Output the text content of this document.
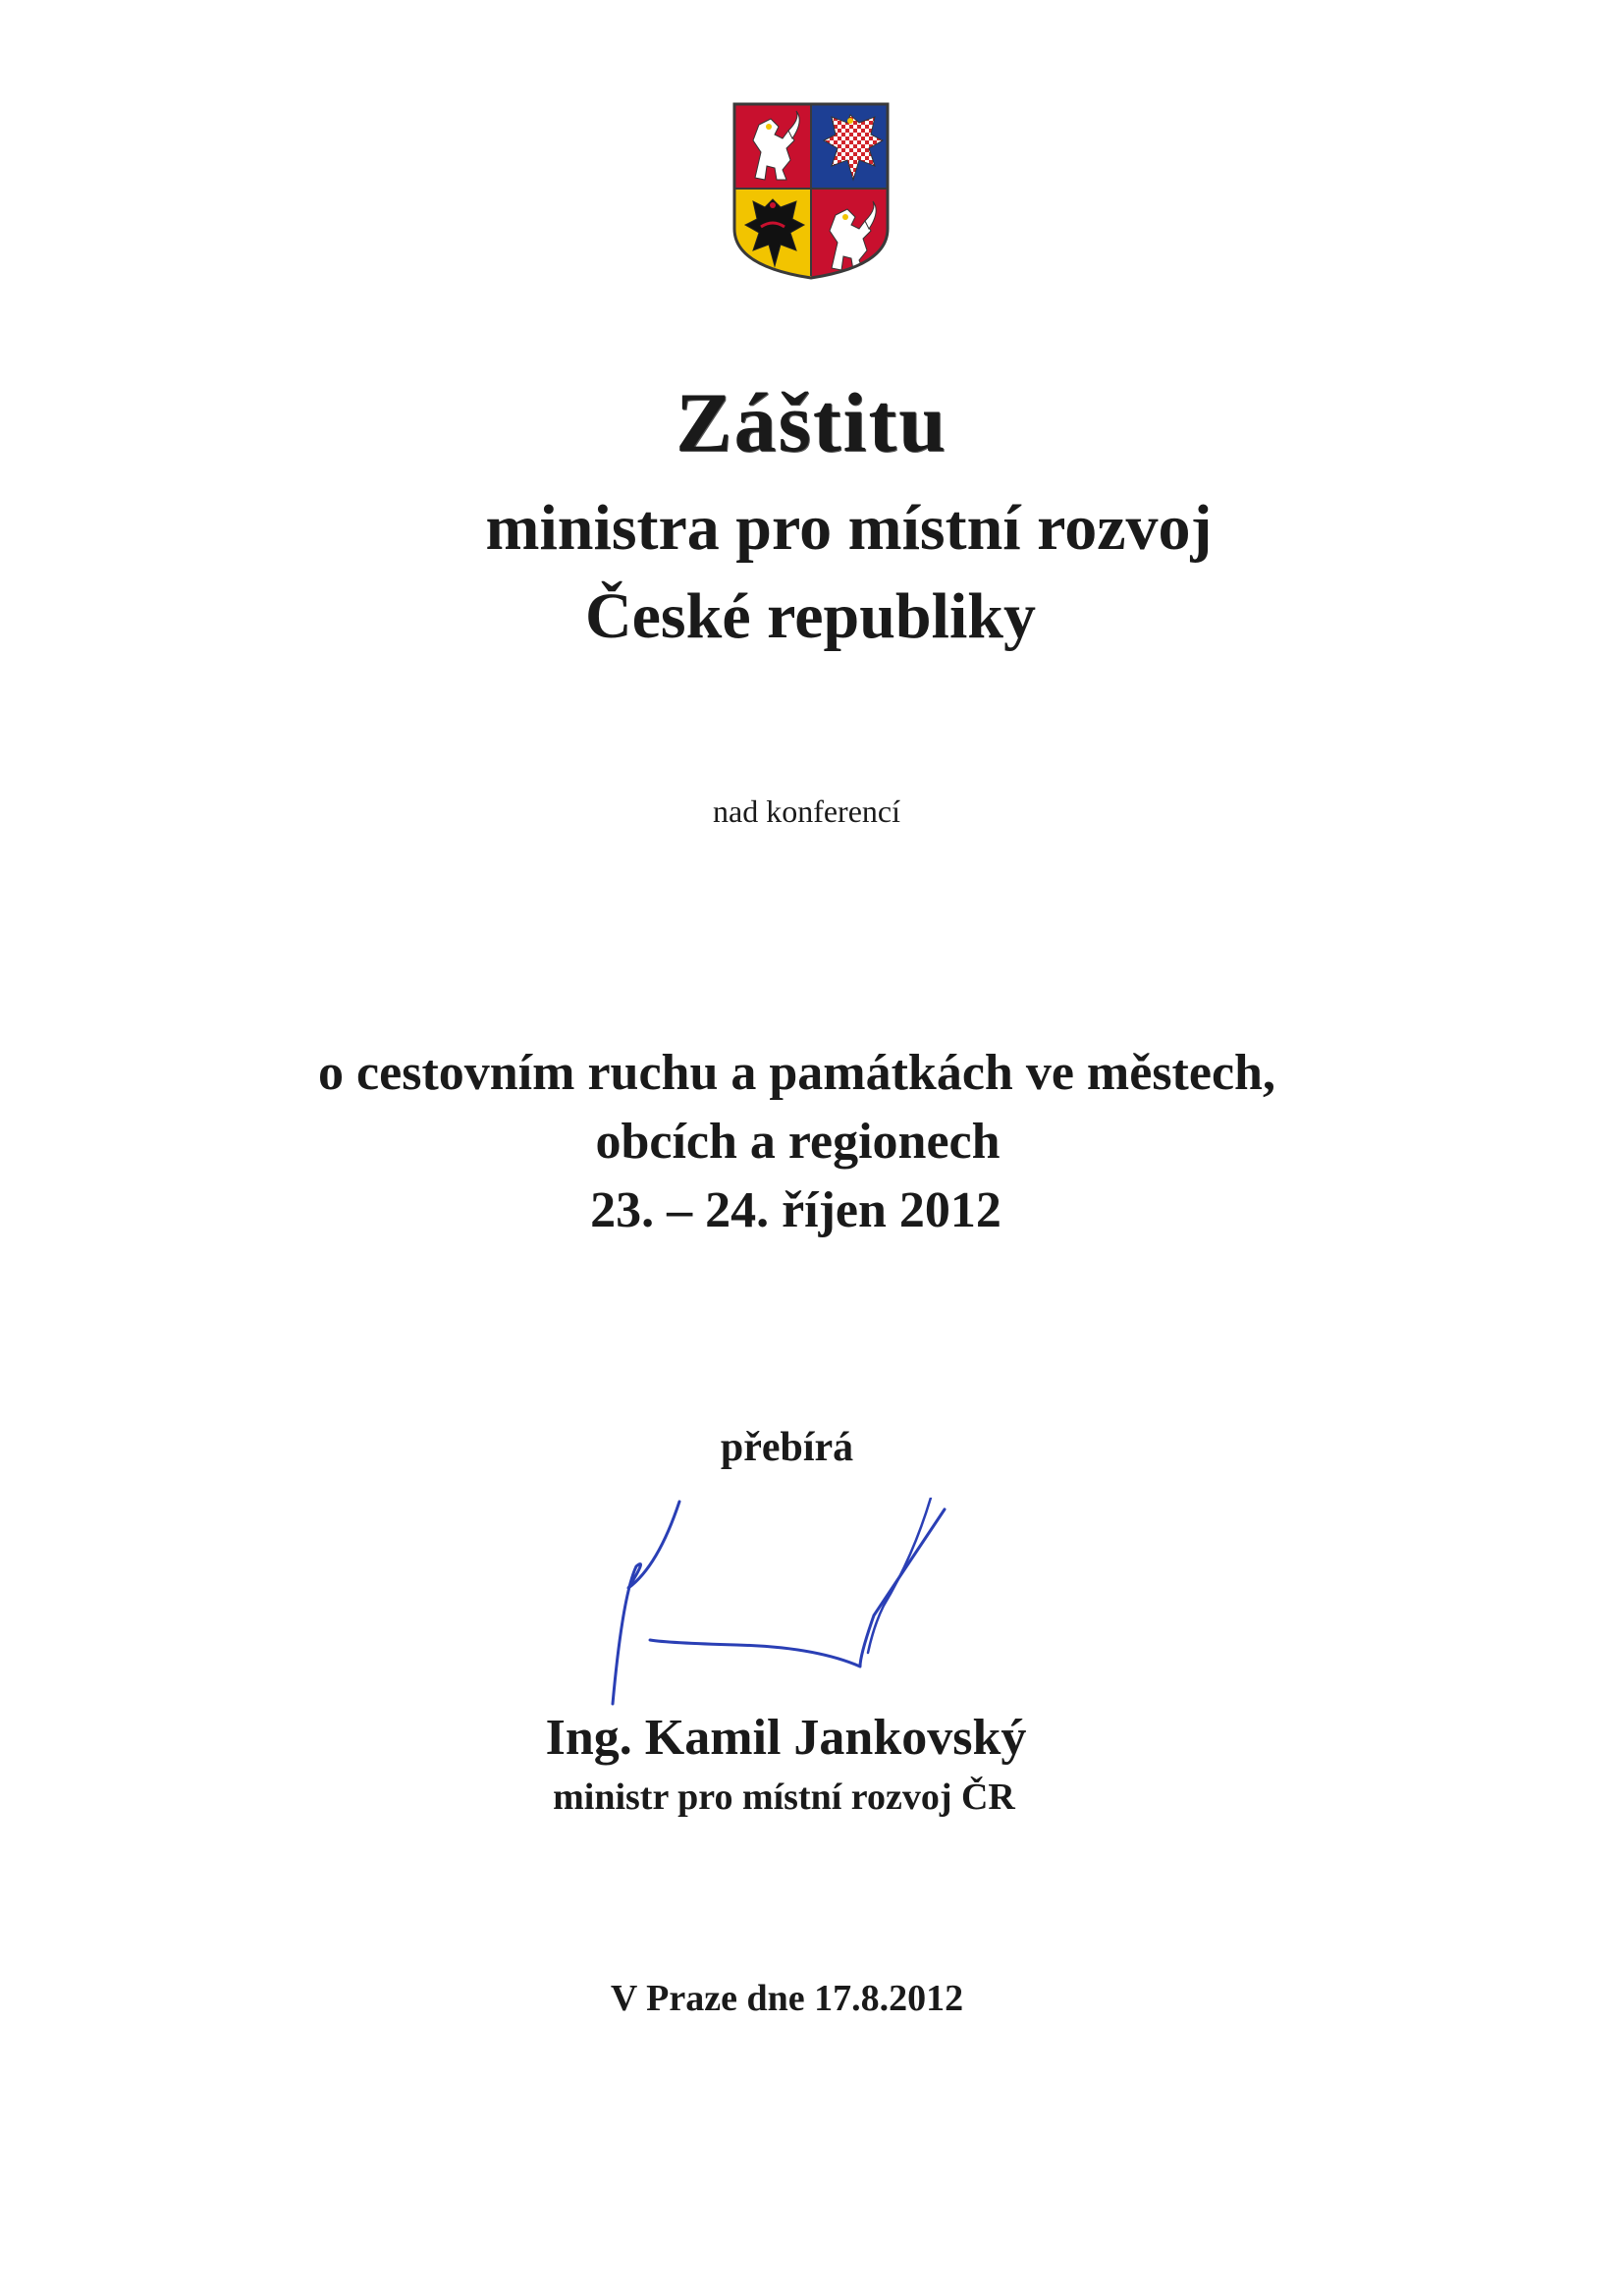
Záštitu

ministra pro místní rozvoj

České republiky

nad konferencí

o cestovním ruchu a památkách ve městech,

obcích a regionech

23. – 24. říjen 2012

přebírá

Ing. Kamil Jankovský

ministr pro místní rozvoj ČR

V Praze dne 17.8.2012
